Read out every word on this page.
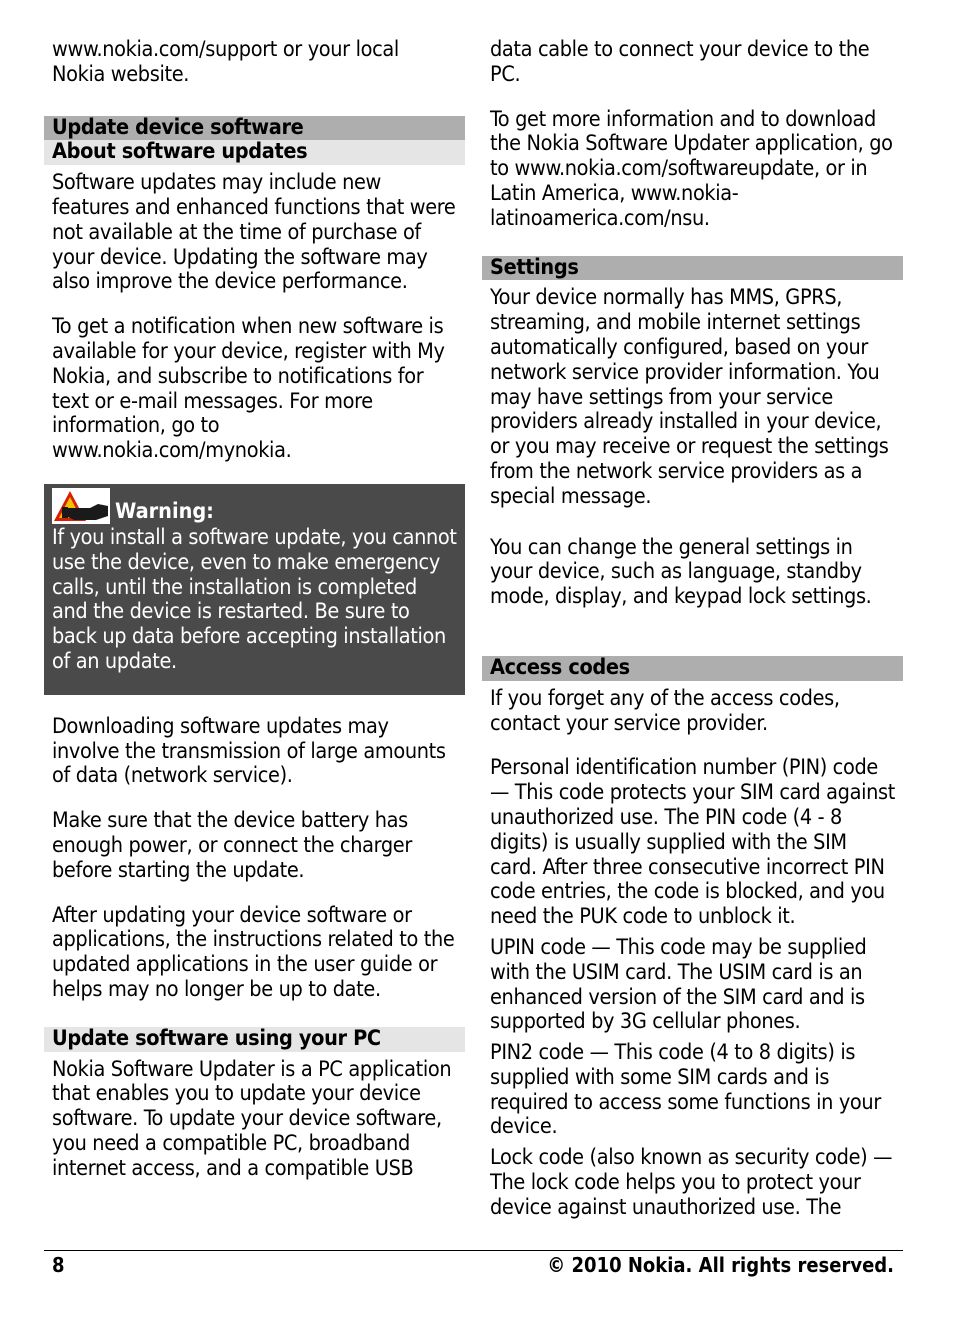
www.nokia.com/support or your local Nokia website.

Update device software
About software updates

Software updates may include new features and enhanced functions that were not available at the time of purchase of your device. Updating the software may also improve the device performance.

To get a notification when new software is available for your device, register with My Nokia, and subscribe to notifications for text or e-mail messages. For more information, go to www.nokia.com/mynokia.

Warning:

If you install a software update, you cannot use the device, even to make emergency calls, until the installation is completed and the device is restarted. Be sure to back up data before accepting installation of an update.

Downloading software updates may involve the transmission of large amounts of data (network service).

Make sure that the device battery has enough power, or connect the charger before starting the update.

After updating your device software or applications, the instructions related to the updated applications in the user guide or helps may no longer be up to date.

Update software using your PC

Nokia Software Updater is a PC application that enables you to update your device software. To update your device software, you need a compatible PC, broadband internet access, and a compatible USB

data cable to connect your device to the PC.

To get more information and to download the Nokia Software Updater application, go to www.nokia.com/softwareupdate, or in Latin America, www.nokia-latinoamerica.com/nsu.

Settings

Your device normally has MMS, GPRS, streaming, and mobile internet settings automatically configured, based on your network service provider information. You may have settings from your service providers already installed in your device, or you may receive or request the settings from the network service providers as a special message.

You can change the general settings in your device, such as language, standby mode, display, and keypad lock settings.

Access codes

If you forget any of the access codes, contact your service provider.

Personal identification number (PIN) code — This code protects your SIM card against unauthorized use. The PIN code (4 - 8 digits) is usually supplied with the SIM card. After three consecutive incorrect PIN code entries, the code is blocked, and you need the PUK code to unblock it.

UPIN code — This code may be supplied with the USIM card. The USIM card is an enhanced version of the SIM card and is supported by 3G cellular phones.

PIN2 code — This code (4 to 8 digits) is supplied with some SIM cards and is required to access some functions in your device.

Lock code (also known as security code) — The lock code helps you to protect your device against unauthorized use. The

8	© 2010 Nokia. All rights reserved.
